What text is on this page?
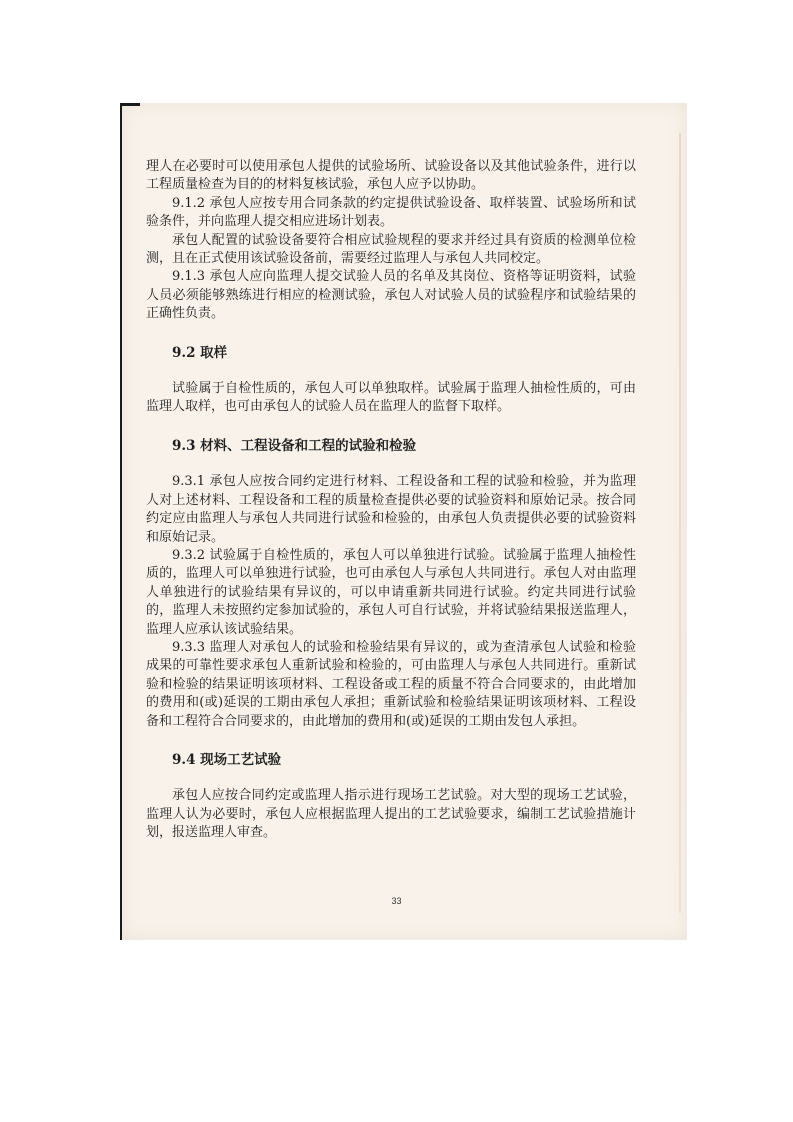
理人在必要时可以使用承包人提供的试验场所、试验设备以及其他试验条件，进行以工程质量检查为目的的材料复核试验，承包人应予以协助。

9.1.2 承包人应按专用合同条款的约定提供试验设备、取样装置、试验场所和试验条件，并向监理人提交相应进场计划表。

承包人配置的试验设备要符合相应试验规程的要求并经过具有资质的检测单位检测，且在正式使用该试验设备前，需要经过监理人与承包人共同校定。

9.1.3 承包人应向监理人提交试验人员的名单及其岗位、资格等证明资料，试验人员必须能够熟练进行相应的检测试验，承包人对试验人员的试验程序和试验结果的正确性负责。

9.2 取样

试验属于自检性质的，承包人可以单独取样。试验属于监理人抽检性质的，可由监理人取样，也可由承包人的试验人员在监理人的监督下取样。

9.3 材料、工程设备和工程的试验和检验

9.3.1 承包人应按合同约定进行材料、工程设备和工程的试验和检验，并为监理人对上述材料、工程设备和工程的质量检查提供必要的试验资料和原始记录。按合同约定应由监理人与承包人共同进行试验和检验的，由承包人负责提供必要的试验资料和原始记录。

9.3.2 试验属于自检性质的，承包人可以单独进行试验。试验属于监理人抽检性质的，监理人可以单独进行试验，也可由承包人与承包人共同进行。承包人对由监理人单独进行的试验结果有异议的，可以申请重新共同进行试验。约定共同进行试验的，监理人未按照约定参加试验的，承包人可自行试验，并将试验结果报送监理人，监理人应承认该试验结果。

9.3.3 监理人对承包人的试验和检验结果有异议的，或为查清承包人试验和检验成果的可靠性要求承包人重新试验和检验的，可由监理人与承包人共同进行。重新试验和检验的结果证明该项材料、工程设备或工程的质量不符合合同要求的，由此增加的费用和(或)延误的工期由承包人承担；重新试验和检验结果证明该项材料、工程设备和工程符合合同要求的，由此增加的费用和(或)延误的工期由发包人承担。

9.4 现场工艺试验

承包人应按合同约定或监理人指示进行现场工艺试验。对大型的现场工艺试验，监理人认为必要时，承包人应根据监理人提出的工艺试验要求，编制工艺试验措施计划，报送监理人审查。

33
